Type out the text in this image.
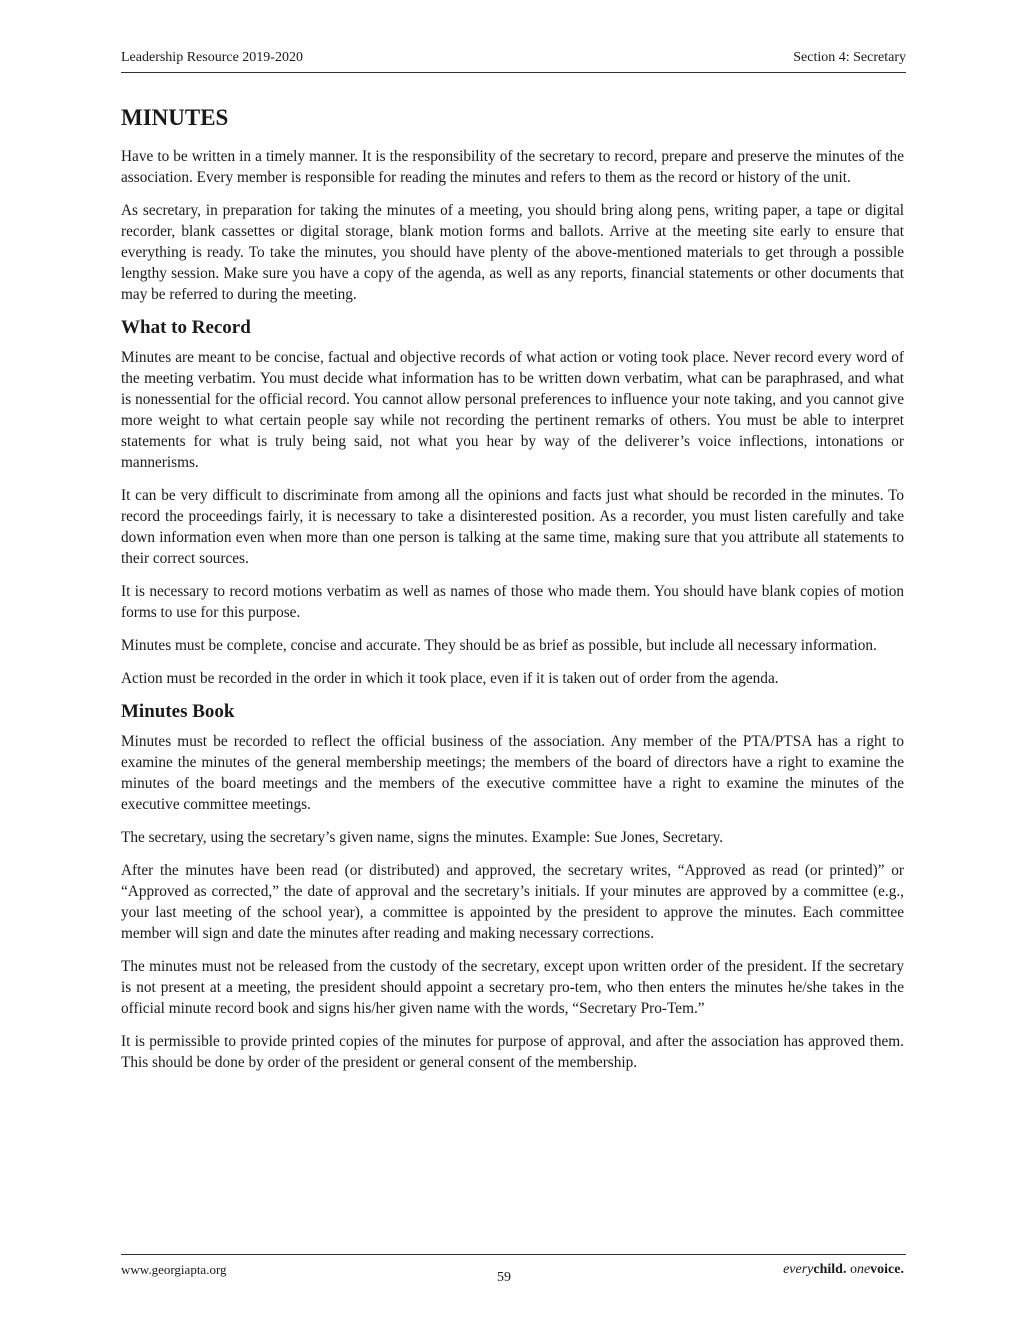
Leadership Resource 2019-2020	Section 4: Secretary
MINUTES

Have to be written in a timely manner. It is the responsibility of the secretary to record, prepare and preserve the minutes of the association. Every member is responsible for reading the minutes and refers to them as the record or history of the unit.

As secretary, in preparation for taking the minutes of a meeting, you should bring along pens, writing paper, a tape or digital recorder, blank cassettes or digital storage, blank motion forms and ballots. Arrive at the meeting site early to ensure that everything is ready. To take the minutes, you should have plenty of the above-mentioned materials to get through a possible lengthy session. Make sure you have a copy of the agenda, as well as any reports, financial statements or other documents that may be referred to during the meeting.

What to Record

Minutes are meant to be concise, factual and objective records of what action or voting took place. Never record every word of the meeting verbatim. You must decide what information has to be written down verbatim, what can be paraphrased, and what is nonessential for the official record. You cannot allow personal preferences to influence your note taking, and you cannot give more weight to what certain people say while not recording the pertinent remarks of others. You must be able to interpret statements for what is truly being said, not what you hear by way of the deliverer’s voice inflections, intonations or mannerisms.

It can be very difficult to discriminate from among all the opinions and facts just what should be recorded in the minutes. To record the proceedings fairly, it is necessary to take a disinterested position. As a recorder, you must listen carefully and take down information even when more than one person is talking at the same time, making sure that you attribute all statements to their correct sources.

It is necessary to record motions verbatim as well as names of those who made them. You should have blank copies of motion forms to use for this purpose.

Minutes must be complete, concise and accurate. They should be as brief as possible, but include all necessary information.

Action must be recorded in the order in which it took place, even if it is taken out of order from the agenda.

Minutes Book

Minutes must be recorded to reflect the official business of the association. Any member of the PTA/PTSA has a right to examine the minutes of the general membership meetings; the members of the board of directors have a right to examine the minutes of the board meetings and the members of the executive committee have a right to examine the minutes of the executive committee meetings.

The secretary, using the secretary’s given name, signs the minutes. Example: Sue Jones, Secretary.

After the minutes have been read (or distributed) and approved, the secretary writes, “Approved as read (or printed)” or “Approved as corrected,” the date of approval and the secretary’s initials. If your minutes are approved by a committee (e.g., your last meeting of the school year), a committee is appointed by the president to approve the minutes. Each committee member will sign and date the minutes after reading and making necessary corrections.

The minutes must not be released from the custody of the secretary, except upon written order of the president. If the secretary is not present at a meeting, the president should appoint a secretary pro-tem, who then enters the minutes he/she takes in the official minute record book and signs his/her given name with the words, “Secretary Pro-Tem.”

It is permissible to provide printed copies of the minutes for purpose of approval, and after the association has approved them. This should be done by order of the president or general consent of the membership.

www.georgiapta.org
59
everychild. onevoice.
